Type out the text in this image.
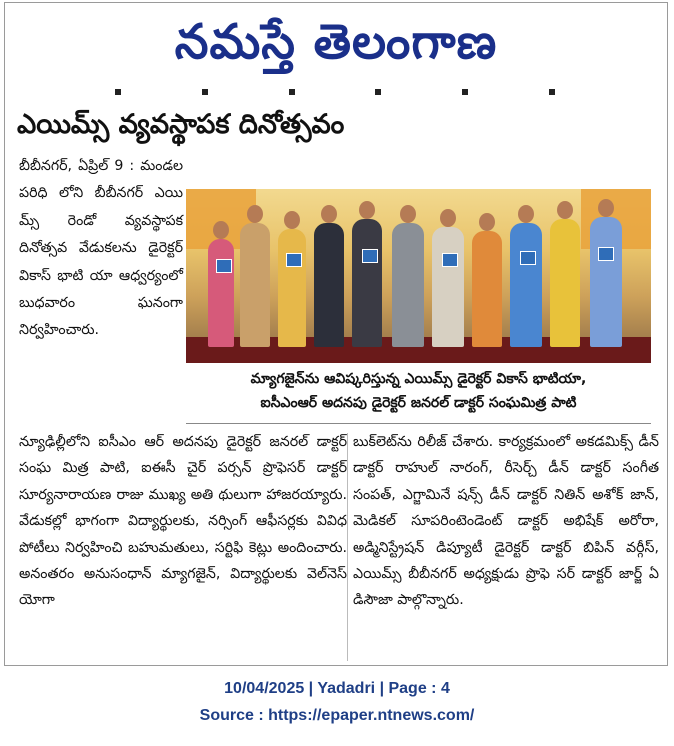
నమస్తే తెలంగాణ
ఎయిమ్స్ వ్యవస్థాపక దినోత్సవం

బీబీనగర్, ఏప్రిల్ 9 : మండల పరిధి లోని బీబీనగర్ ఎయి మ్స్ రెండో వ్యవస్థాపక దినోత్సవ వేడుకలను డైరెక్టర్ వికాస్ భాటి యా ఆధ్వర్యంలో బుధవారం ఘనంగా నిర్వహించారు.

మ్యాగజైన్‌ను ఆవిష్కరిస్తున్న ఎయిమ్స్ డైరెక్టర్ వికాస్ భాటియా,
ఐసీఎంఆర్ అదనపు డైరెక్టర్ జనరల్ డాక్టర్ సంఘమిత్ర పాటి

న్యూఢిల్లీలోని ఐసీఎం ఆర్ అదనపు డైరెక్టర్ జనరల్ డాక్టర్ సంఘ మిత్ర పాటి, ఐఈసీ చైర్ పర్సన్ ప్రొఫెసర్ డాక్టర్ సూర్యనారాయణ రాజు ముఖ్య అతి థులుగా హాజరయ్యారు. వేడుకల్లో భాగంగా విద్యార్థులకు, నర్సింగ్ ఆఫీసర్లకు వివిధ పోటీలు నిర్వహించి బహుమతులు, సర్టిఫి కెట్లు అందించారు. అనంతరం అనుసంధాన్ మ్యాగజైన్, విద్యార్థులకు వెల్‌నెస్ యోగా

బుక్‌లెట్‌ను రిలీజ్ చేశారు. కార్యక్రమంలో అకడమిక్స్ డీన్ డాక్టర్ రాహుల్ నారంగ్, రీసెర్చ్ డీన్ డాక్టర్ సంగీత సంపత్, ఎగ్జామినే షన్స్ డీన్ డాక్టర్ నితిన్ అశోక్ జాన్, మెడికల్ సూపరింటెండెంట్ డాక్టర్ అభిషేక్ అరోరా, అడ్మినిస్ట్రేషన్ డిప్యూటీ డైరెక్టర్ డాక్టర్ బిపిన్ వర్గీస్, ఎయిమ్స్ బీబీనగర్ అధ్యక్షుడు ప్రొఫె సర్ డాక్టర్ జార్జ్ ఏ డిసౌజా పాల్గొన్నారు.

10/04/2025 | Yadadri | Page : 4
Source : https://epaper.ntnews.com/
